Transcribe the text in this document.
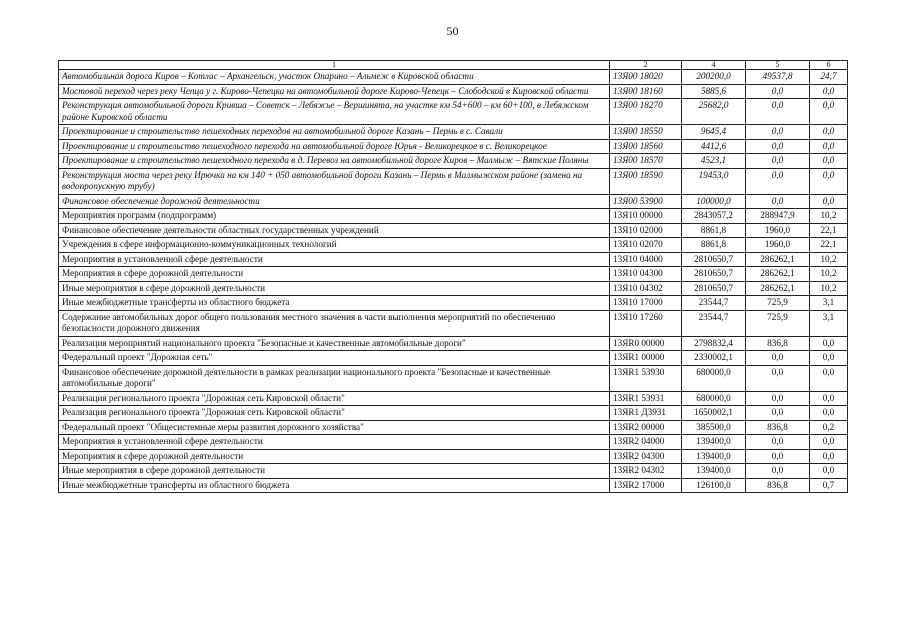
50
1	2	4	5	6
Автомобильная дорога Киров – Котлас – Архангельск, участок Опарино – Альмеж в Кировской области	13Я00 18020	200200,0	49537,8	24,7
Мостовой переход через реку Чепца у г. Кирово-Чепецка на автомобильной дороге Кирово-Чепецк – Слободской в Кировской области	13Я00 18160	5885,6	0,0	0,0
Реконструкция автомобильной дороги Кривша – Советск – Лебяжье – Вершинята, на участке км 54+600 – км 60+100, в Лебяжском районе Кировской области	13Я00 18270	25682,0	0,0	0,0
Проектирование и строительство пешеходных переходов на автомобильной дороге Казань – Пермь в с. Савали	13Я00 18550	9645,4	0,0	0,0
Проектирование и строительство пешеходного перехода на автомобильной дороге Юрья - Великорецкое в с. Великорецкое	13Я00 18560	4412,6	0,0	0,0
Проектирование и строительство пешеходного перехода в д. Перевоз на автомобильной дороге Киров – Малмыж – Вятские Поляны	13Я00 18570	4523,1	0,0	0,0
Реконструкция моста через реку Ирючка на км 140 + 050 автомобильной дороги Казань – Пермь в Малмыжском районе (замена на водопропускную трубу)	13Я00 18590	19453,0	0,0	0,0
Финансовое обеспечение дорожной деятельности	13Я00 53900	100000,0	0,0	0,0
Мероприятия программ (подпрограмм)	13Я10 00000	2843057,2	288947,9	10,2
Финансовое обеспечение деятельности областных государственных учреждений	13Я10 02000	8861,8	1960,0	22,1
Учреждения в сфере информационно-коммуникационных технологий	13Я10 02070	8861,8	1960,0	22,1
Мероприятия в установленной сфере деятельности	13Я10 04000	2810650,7	286262,1	10,2
Мероприятия в сфере дорожной деятельности	13Я10 04300	2810650,7	286262,1	10,2
Иные мероприятия в сфере дорожной деятельности	13Я10 04302	2810650,7	286262,1	10,2
Иные межбюджетные трансферты из областного бюджета	13Я10 17000	23544,7	725,9	3,1
Содержание автомобильных дорог общего пользования местного значения в части выполнения мероприятий по обеспечению безопасности дорожного движения	13Я10 17260	23544,7	725,9	3,1
Реализация мероприятий национального проекта "Безопасные и качественные автомобильные дороги"	13ЯR0 00000	2798832,4	836,8	0,0
Федеральный проект "Дорожная сеть"	13ЯR1 00000	2330002,1	0,0	0,0
Финансовое обеспечение дорожной деятельности в рамках реализации национального проекта "Безопасные и качественные автомобильные дороги"	13ЯR1 53930	680000,0	0,0	0,0
Реализация регионального проекта "Дорожная сеть Кировской области"	13ЯR1 53931	680000,0	0,0	0,0
Реализация регионального проекта "Дорожная сеть Кировской области"	13ЯR1 Д3931	1650002,1	0,0	0,0
Федеральный проект "Общесистемные меры развития дорожного хозяйства"	13ЯR2 00000	385500,0	836,8	0,2
Мероприятия в установленной сфере деятельности	13ЯR2 04000	139400,0	0,0	0,0
Мероприятия в сфере дорожной деятельности	13ЯR2 04300	139400,0	0,0	0,0
Иные мероприятия в сфере дорожной деятельности	13ЯR2 04302	139400,0	0,0	0,0
Иные межбюджетные трансферты из областного бюджета	13ЯR2 17000	126100,0	836,8	0,7
